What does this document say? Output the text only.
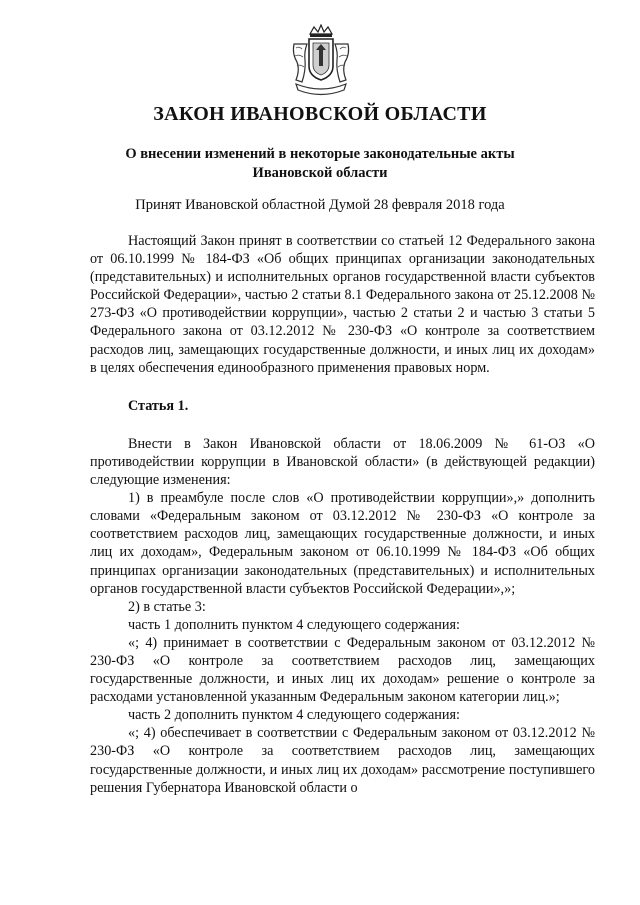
ЗАКОН ИВАНОВСКОЙ ОБЛАСТИ
О внесении изменений в некоторые законодательные акты
Ивановской области

Принят Ивановской областной Думой 28 февраля 2018 года

Настоящий Закон принят в соответствии со статьей 12 Федерального закона от 06.10.1999 № 184-ФЗ «Об общих принципах организации законодательных (представительных) и исполнительных органов государственной власти субъектов Российской Федерации», частью 2 статьи 8.1 Федерального закона от 25.12.2008 № 273-ФЗ «О противодействии коррупции», частью 2 статьи 2 и частью 3 статьи 5 Федерального закона от 03.12.2012 № 230-ФЗ «О контроле за соответствием расходов лиц, замещающих государственные должности, и иных лиц их доходам» в целях обеспечения единообразного применения правовых норм.

Статья 1.

Внести в Закон Ивановской области от 18.06.2009 № 61-ОЗ «О противодействии коррупции в Ивановской области» (в действующей редакции) следующие изменения:

1) в преамбуле после слов «О противодействии коррупции»,» дополнить словами «Федеральным законом от 03.12.2012 № 230-ФЗ «О контроле за соответствием расходов лиц, замещающих государственные должности, и иных лиц их доходам», Федеральным законом от 06.10.1999 № 184-ФЗ «Об общих принципах организации законодательных (представительных) и исполнительных органов государственной власти субъектов Российской Федерации»,»;

2) в статье 3:

часть 1 дополнить пунктом 4 следующего содержания:

«; 4) принимает в соответствии с Федеральным законом от 03.12.2012 № 230-ФЗ «О контроле за соответствием расходов лиц, замещающих государственные должности, и иных лиц их доходам» решение о контроле за расходами установленной указанным Федеральным законом категории лиц.»;

часть 2 дополнить пунктом 4 следующего содержания:

«; 4) обеспечивает в соответствии с Федеральным законом от 03.12.2012 № 230-ФЗ «О контроле за соответствием расходов лиц, замещающих государственные должности, и иных лиц их доходам» рассмотрение поступившего решения Губернатора Ивановской области о
